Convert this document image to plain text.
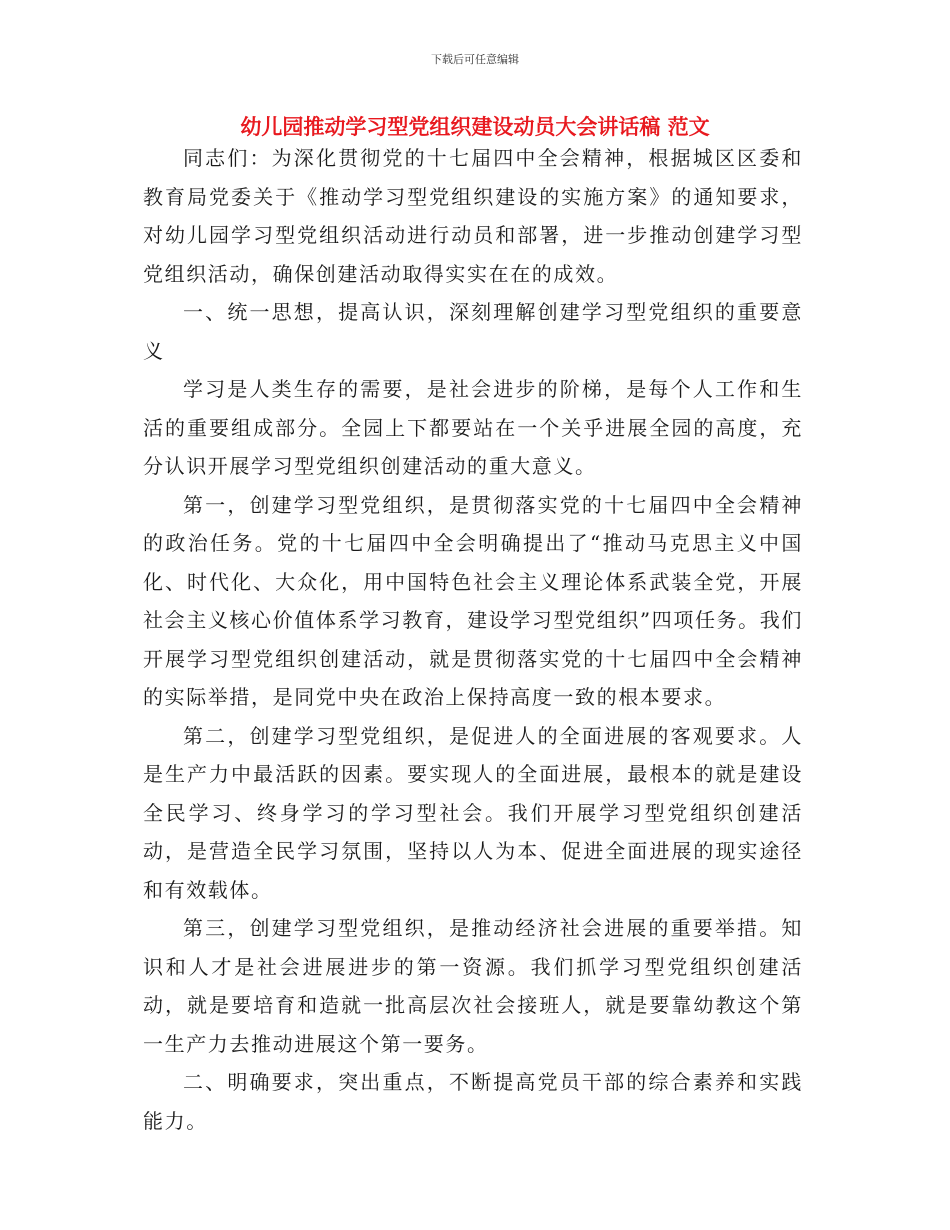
下载后可任意编辑
幼儿园推动学习型党组织建设动员大会讲话稿 范文

同志们：为深化贯彻党的十七届四中全会精神，根据城区区委和教育局党委关于《推动学习型党组织建设的实施方案》的通知要求，对幼儿园学习型党组织活动进行动员和部署，进一步推动创建学习型党组织活动，确保创建活动取得实实在在的成效。

一、统一思想，提高认识，深刻理解创建学习型党组织的重要意义

学习是人类生存的需要，是社会进步的阶梯，是每个人工作和生活的重要组成部分。全园上下都要站在一个关乎进展全园的高度，充分认识开展学习型党组织创建活动的重大意义。

第一，创建学习型党组织，是贯彻落实党的十七届四中全会精神的政治任务。党的十七届四中全会明确提出了“推动马克思主义中国化、时代化、大众化，用中国特色社会主义理论体系武装全党，开展社会主义核心价值体系学习教育，建设学习型党组织”四项任务。我们开展学习型党组织创建活动，就是贯彻落实党的十七届四中全会精神的实际举措，是同党中央在政治上保持高度一致的根本要求。

第二，创建学习型党组织，是促进人的全面进展的客观要求。人是生产力中最活跃的因素。要实现人的全面进展，最根本的就是建设全民学习、终身学习的学习型社会。我们开展学习型党组织创建活动，是营造全民学习氛围，坚持以人为本、促进全面进展的现实途径和有效载体。

第三，创建学习型党组织，是推动经济社会进展的重要举措。知识和人才是社会进展进步的第一资源。我们抓学习型党组织创建活动，就是要培育和造就一批高层次社会接班人，就是要靠幼教这个第一生产力去推动进展这个第一要务。

二、明确要求，突出重点，不断提高党员干部的综合素养和实践能力。
